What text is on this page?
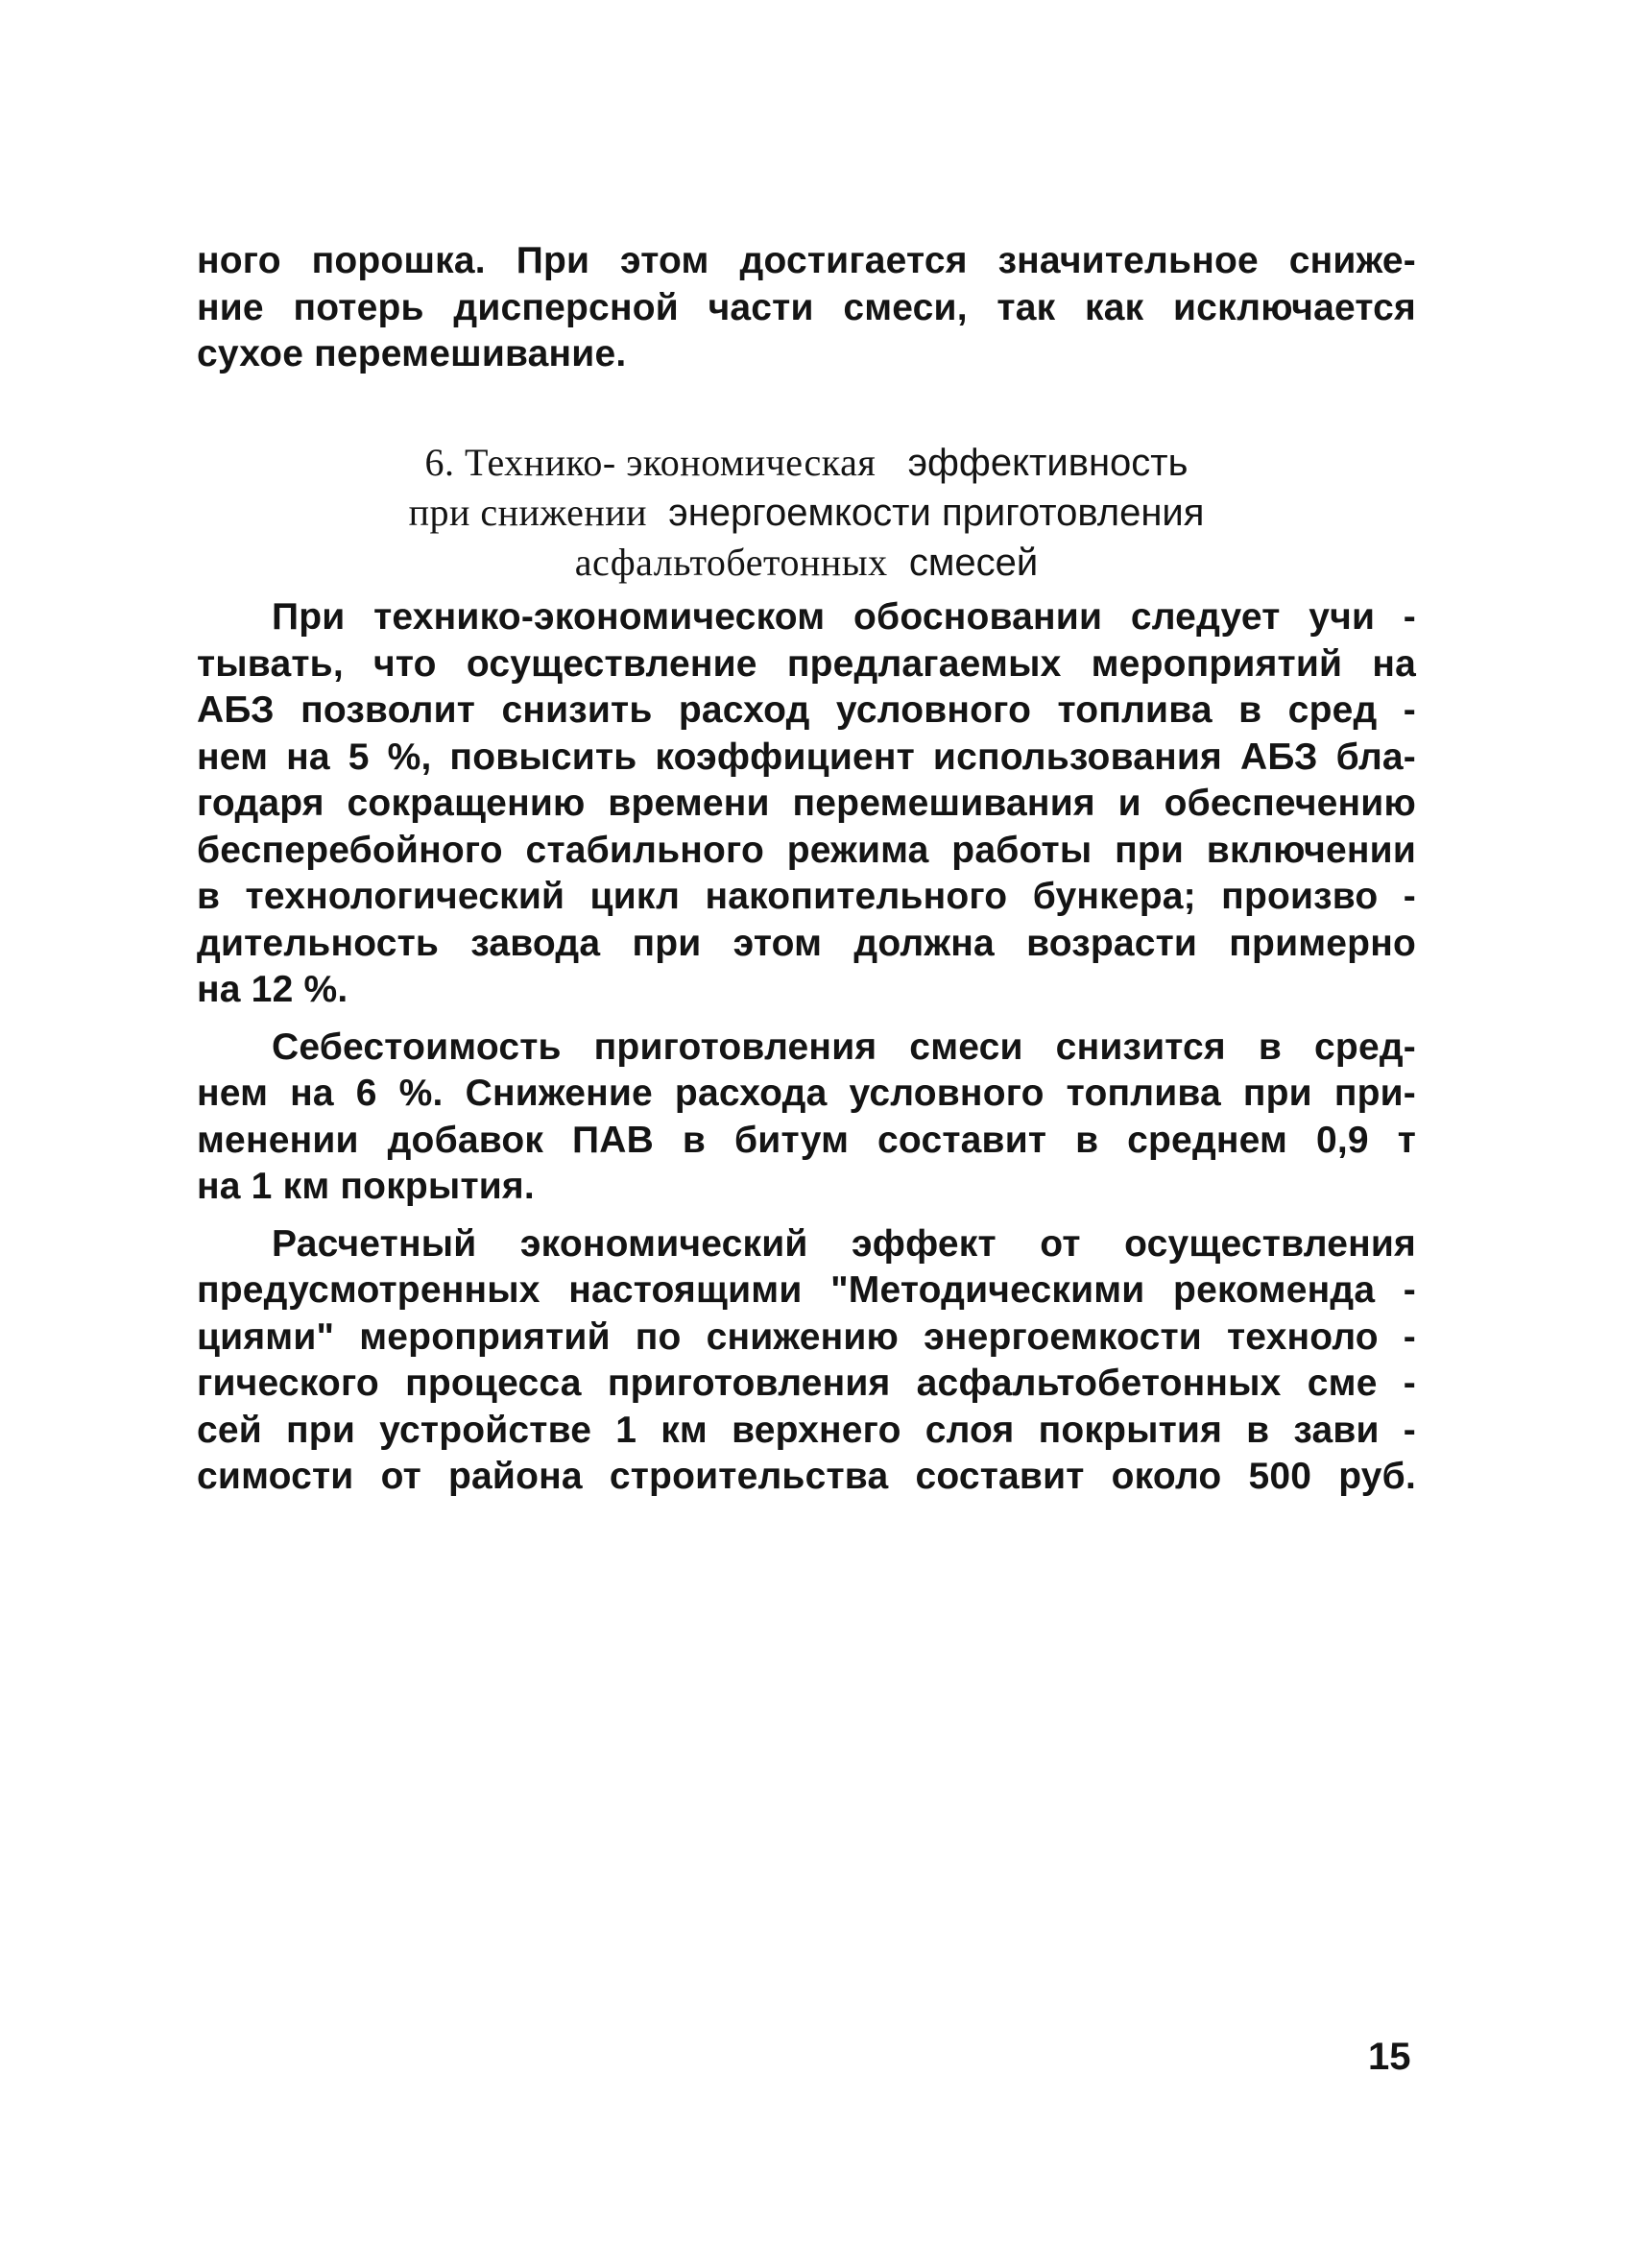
ного порошка. При этом достигается значительное сниже-
ние потерь дисперсной части смеси, так как исключается
сухое перемешивание.
6. Технико- экономическая эффективность
при снижении энергоемкости приготовления
асфальтобетонных смесей
При технико-экономическом обосновании следует учи -
тывать, что осуществление предлагаемых мероприятий на
АБЗ позволит снизить расход условного топлива в сред -
нем на 5 %, повысить коэффициент использования АБЗ бла-
годаря сокращению времени перемешивания и обеспечению
бесперебойного стабильного режима работы при включении
в технологический цикл накопительного бункера; произво -
дительность завода при этом должна возрасти примерно
на 12 %.
Себестоимость приготовления смеси снизится в сред-
нем на 6 %. Снижение расхода условного топлива при при-
менении добавок ПАВ в битум составит в среднем 0,9 т
на 1 км покрытия.
Расчетный экономический эффект от осуществления
предусмотренных настоящими "Методическими рекоменда -
циями" мероприятий по снижению энергоемкости техноло -
гического процесса приготовления асфальтобетонных сме -
сей при устройстве 1 км верхнего слоя покрытия в зави -
симости от района строительства составит около 500 руб.
15
